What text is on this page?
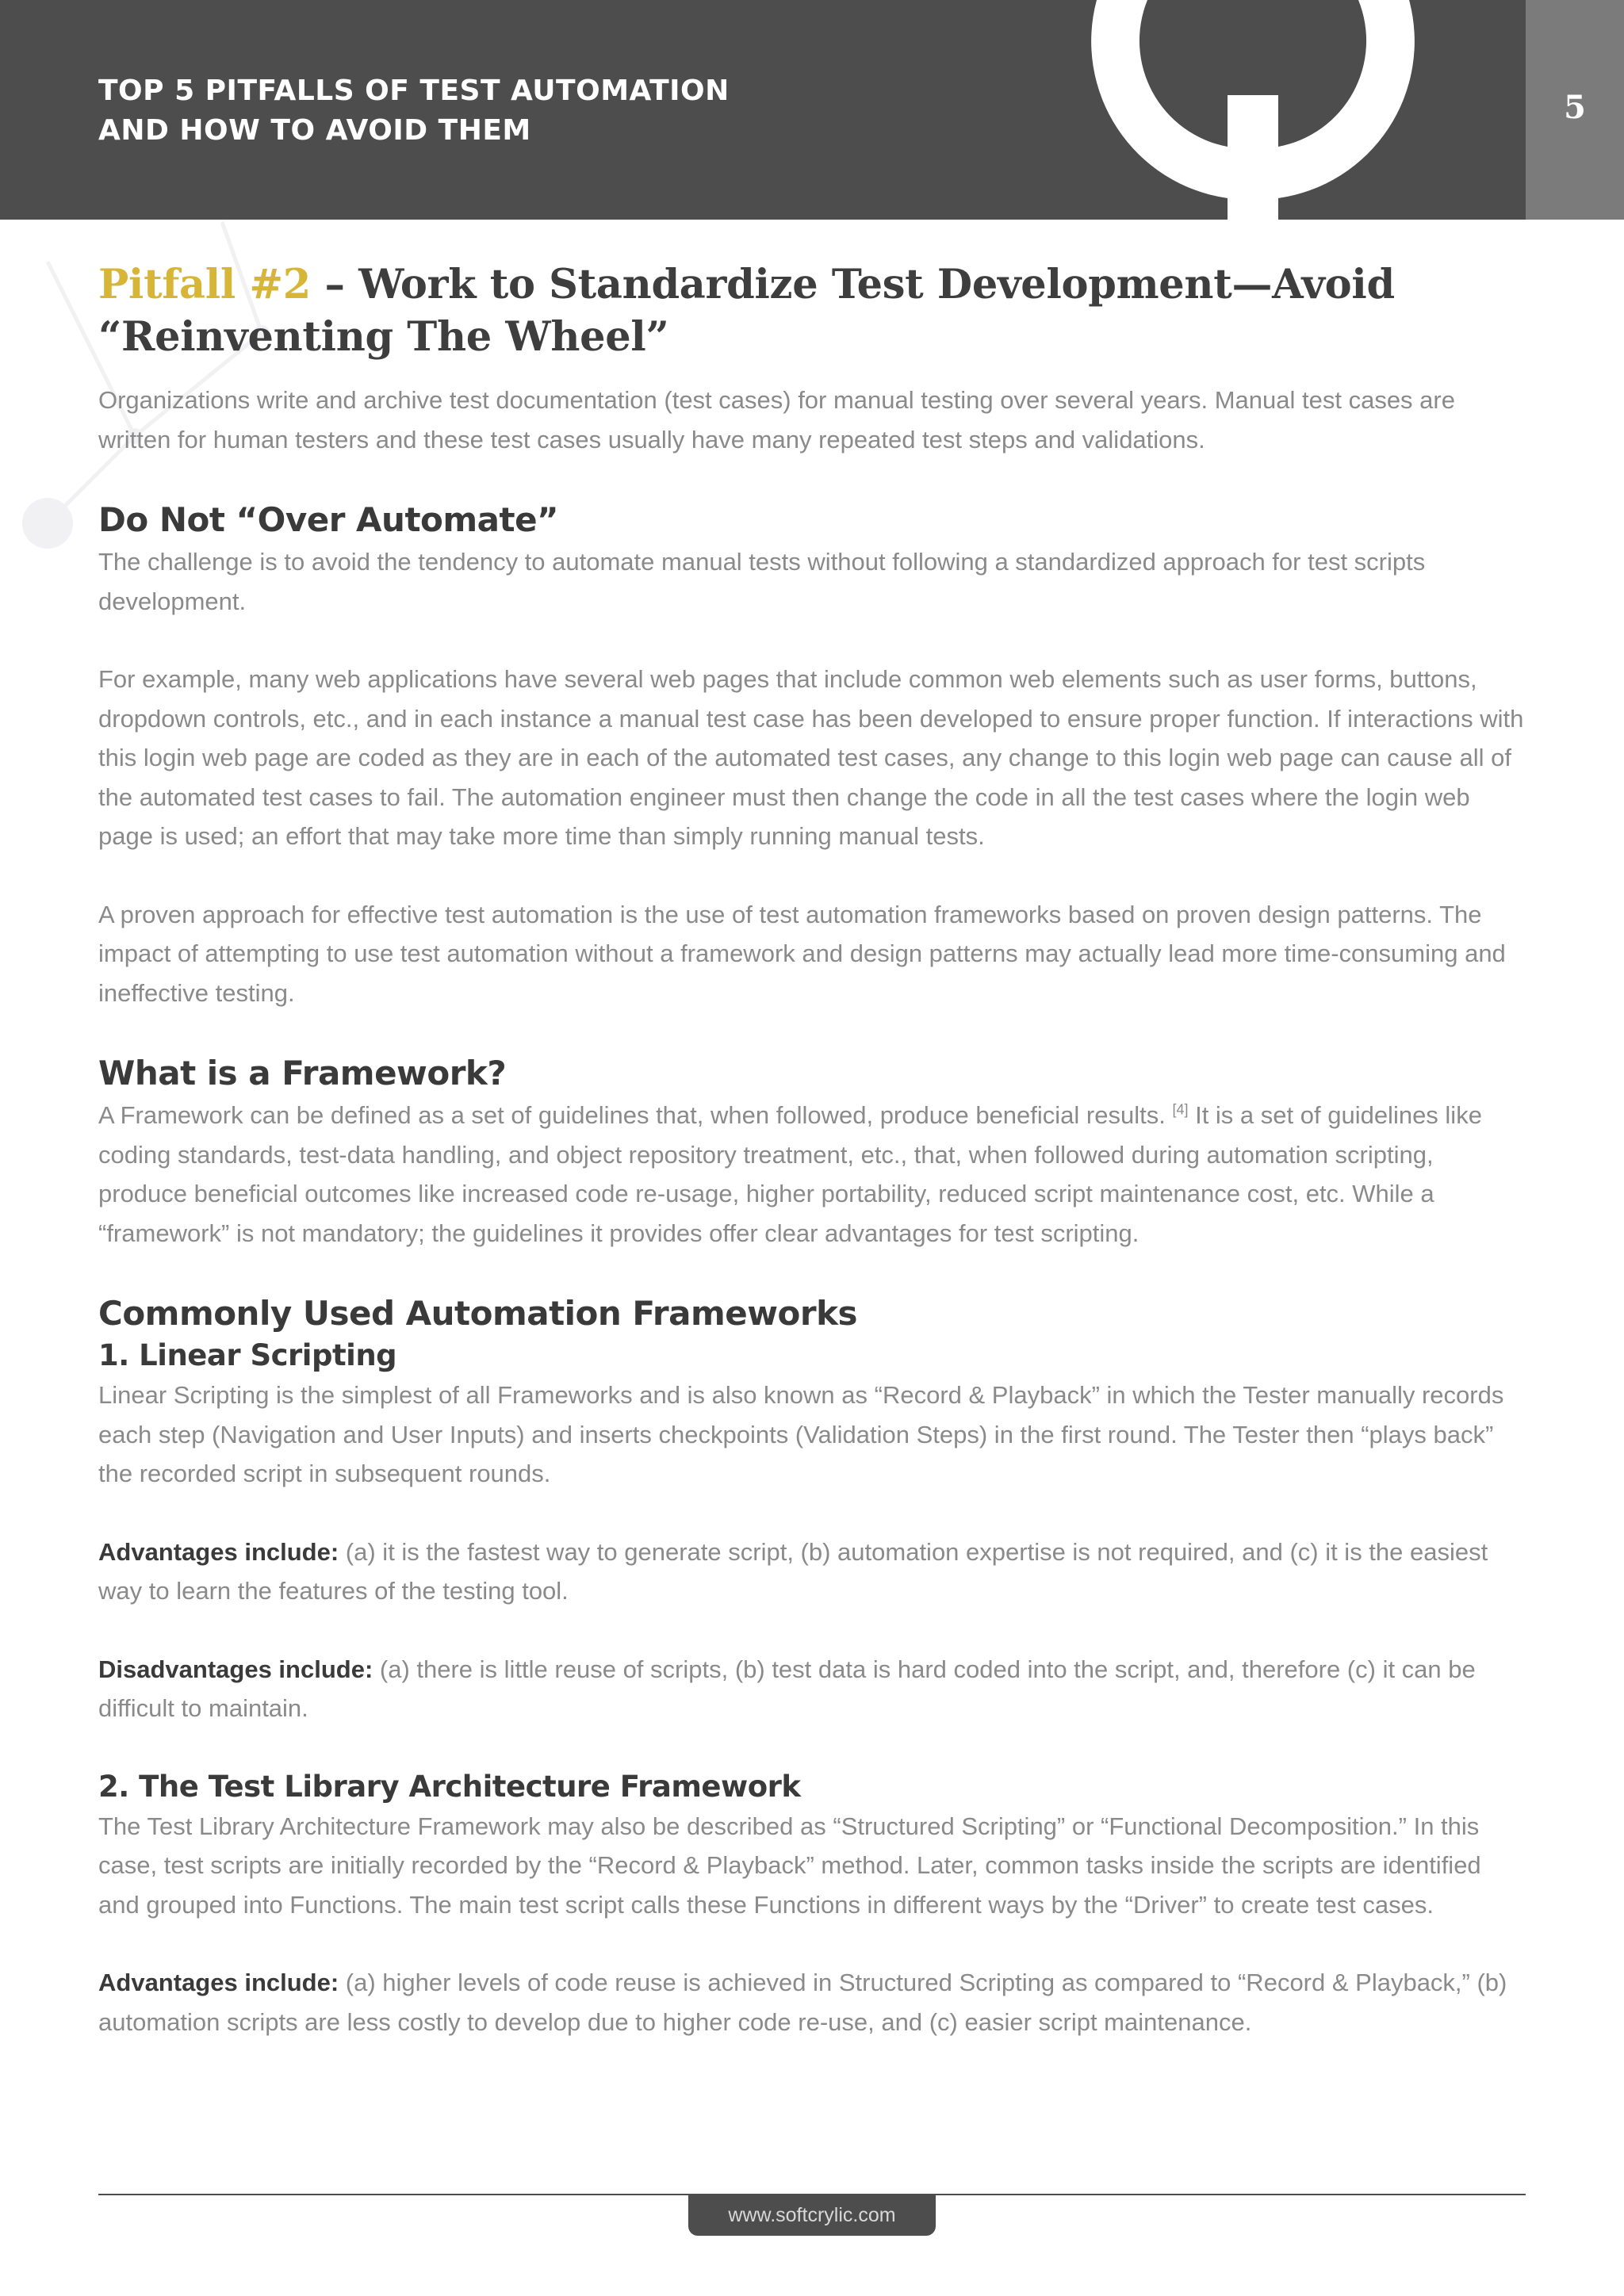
TOP 5 PITFALLS OF TEST AUTOMATION
AND HOW TO AVOID THEM
5
Pitfall #2 – Work to Standardize Test Development—Avoid “Reinventing The Wheel”

Organizations write and archive test documentation (test cases) for manual testing over several years. Manual test cases are written for human testers and these test cases usually have many repeated test steps and validations.

Do Not “Over Automate”

The challenge is to avoid the tendency to automate manual tests without following a standardized approach for test scripts development.

For example, many web applications have several web pages that include common web elements such as user forms, buttons, dropdown controls, etc., and in each instance a manual test case has been developed to ensure proper function. If interactions with this login web page are coded as they are in each of the automated test cases, any change to this login web page can cause all of the automated test cases to fail. The automation engineer must then change the code in all the test cases where the login web page is used; an effort that may take more time than simply running manual tests.

A proven approach for effective test automation is the use of test automation frameworks based on proven design patterns. The impact of attempting to use test automation without a framework and design patterns may actually lead more time-consuming and ineffective testing.

What is a Framework?

A Framework can be defined as a set of guidelines that, when followed, produce beneficial results. [4] It is a set of guidelines like coding standards, test-data handling, and object repository treatment, etc., that, when followed during automation scripting, produce beneficial outcomes like increased code re-usage, higher portability, reduced script maintenance cost, etc. While a “framework” is not mandatory; the guidelines it provides offer clear advantages for test scripting.

Commonly Used Automation Frameworks
1. Linear Scripting

Linear Scripting is the simplest of all Frameworks and is also known as “Record & Playback” in which the Tester manually records each step (Navigation and User Inputs) and inserts checkpoints (Validation Steps) in the first round. The Tester then “plays back” the recorded script in subsequent rounds.

Advantages include: (a) it is the fastest way to generate script, (b) automation expertise is not required, and (c) it is the easiest way to learn the features of the testing tool.

Disadvantages include: (a) there is little reuse of scripts, (b) test data is hard coded into the script, and, therefore (c) it can be difficult to maintain.

2. The Test Library Architecture Framework

The Test Library Architecture Framework may also be described as “Structured Scripting” or “Functional Decomposition.” In this case, test scripts are initially recorded by the “Record & Playback” method. Later, common tasks inside the scripts are identified and grouped into Functions. The main test script calls these Functions in different ways by the “Driver” to create test cases.

Advantages include: (a) higher levels of code reuse is achieved in Structured Scripting as compared to “Record & Playback,” (b) automation scripts are less costly to develop due to higher code re-use, and (c) easier script maintenance.

www.softcrylic.com
